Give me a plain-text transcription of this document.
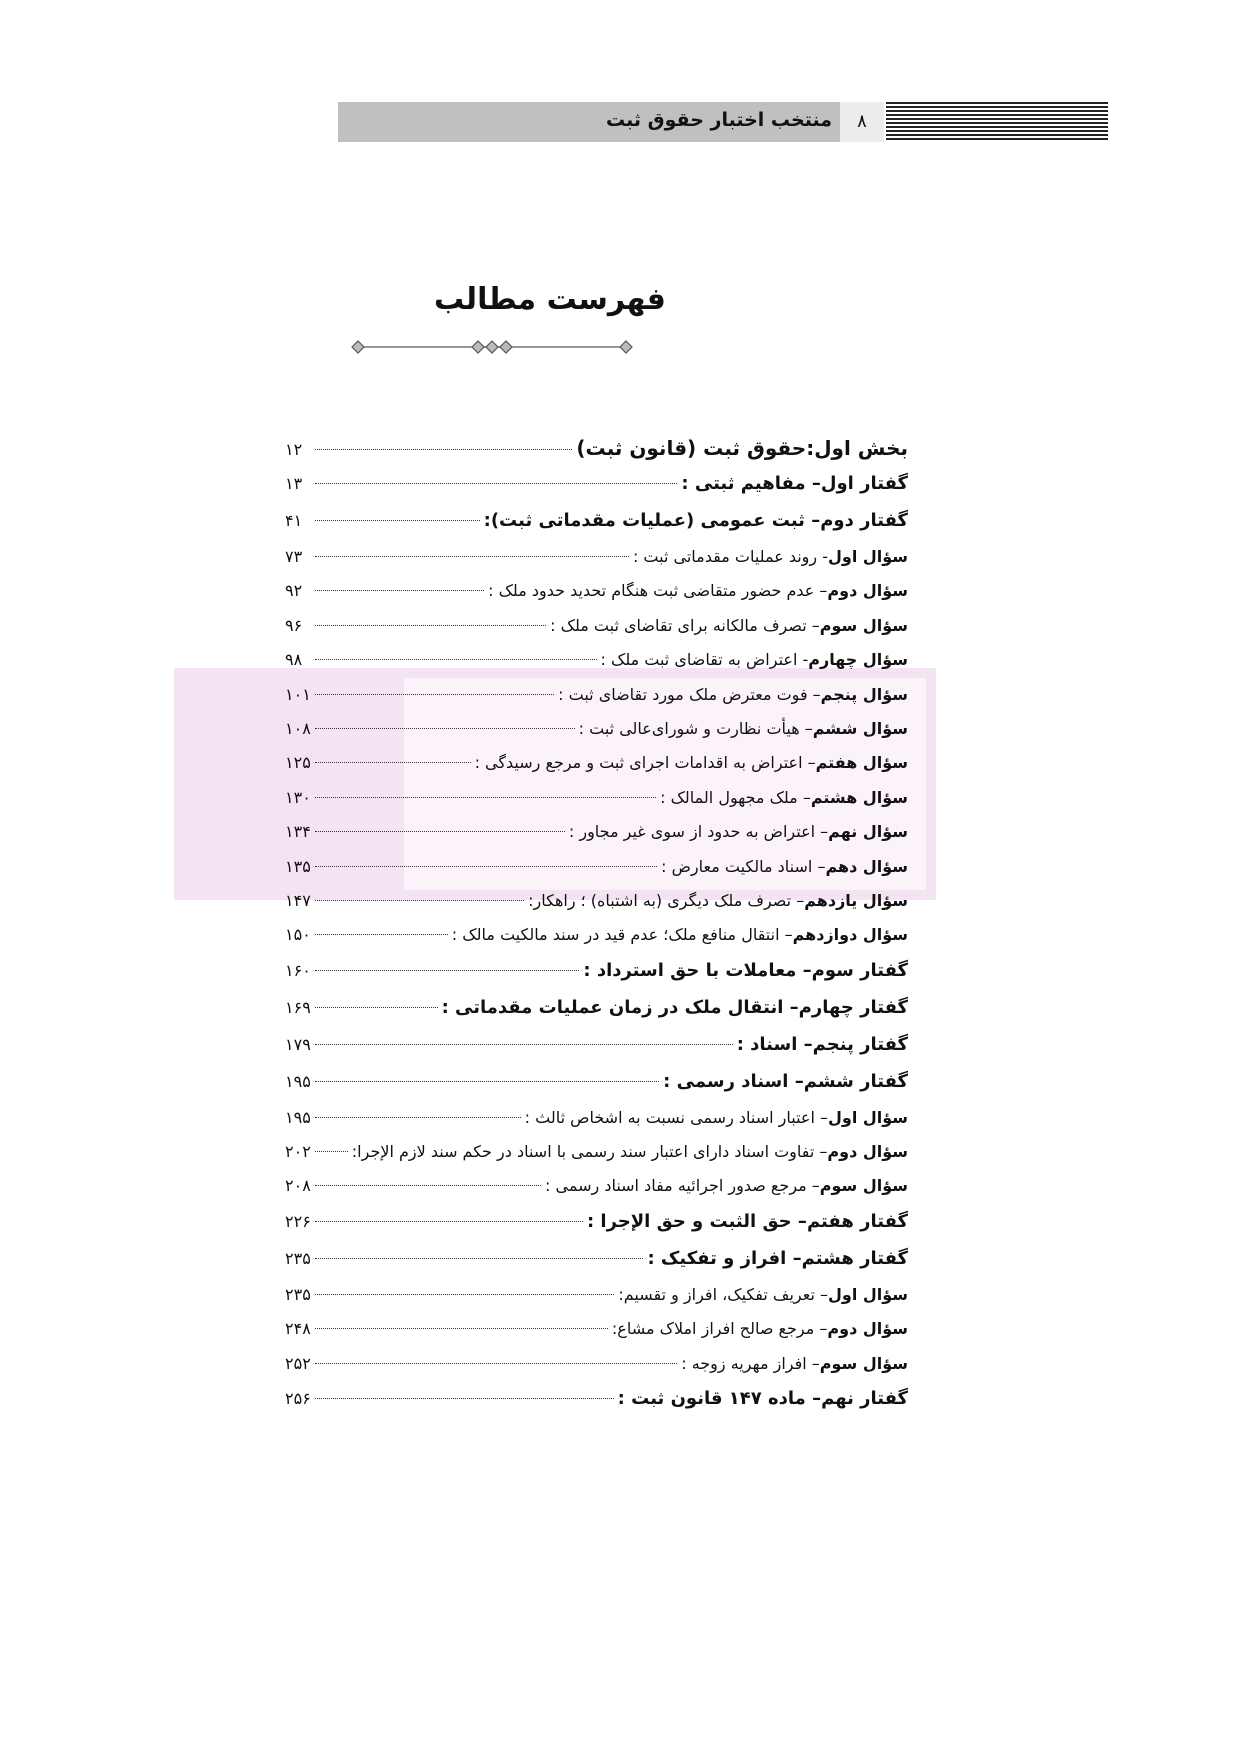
منتخب اختبار حقوق ثبت	۸
فهرست مطالب
بخش اول:
حقوق ثبت (قانون ثبت)
۱۲
گفتار اول
– مفاهیم ثبتی :
۱۳
گفتار دوم
– ثبت عمومی (عملیات مقدماتی ثبت):
۴۱
سؤال اول
- روند عملیات مقدماتی ثبت :
۷۳
سؤال دوم
– عدم حضور متقاضی ثبت هنگام تحدید حدود ملک :
۹۲
سؤال سوم
– تصرف مالکانه برای تقاضای ثبت ملک :
۹۶
سؤال چهارم
- اعتراض به تقاضای ثبت ملک :
۹۸
سؤال پنجم
– فوت معترض ملک مورد تقاضای ثبت :
۱۰۱
سؤال ششم
– هیأت نظارت و شورای‌عالی ثبت :
۱۰۸
سؤال هفتم
– اعتراض به اقدامات اجرای ثبت و مرجع رسیدگی :
۱۲۵
سؤال هشتم
– ملک مجهول المالک :
۱۳۰
سؤال نهم
– اعتراض به حدود از سوی غیر مجاور :
۱۳۴
سؤال دهم
– اسناد مالکیت معارض :
۱۳۵
سؤال یازدهم
– تصرف ملک دیگری (به اشتباه) ؛ راهکار:
۱۴۷
سؤال دوازدهم
– انتقال منافع ملک؛ عدم قید در سند مالکیت مالک :
۱۵۰
گفتار سوم
– معاملات با حق استرداد :
۱۶۰
گفتار چهارم
– انتقال ملک در زمان عملیات مقدماتی :
۱۶۹
گفتار پنجم
– اسناد :
۱۷۹
گفتار ششم
– اسناد رسمی :
۱۹۵
سؤال اول
– اعتبار اسناد رسمی نسبت به اشخاص ثالث :
۱۹۵
سؤال دوم
– تفاوت اسناد دارای اعتبار سند رسمی با اسناد در حکم سند لازم الإجرا:
۲۰۲
سؤال سوم
– مرجع صدور اجرائیه مفاد اسناد رسمی :
۲۰۸
گفتار هفتم
– حق الثبت و حق الإجرا :
۲۲۶
گفتار هشتم
– افراز و تفکیک :
۲۳۵
سؤال اول
– تعریف تفکیک، افراز و تقسیم:
۲۳۵
سؤال دوم
– مرجع صالح افراز املاک مشاع:
۲۴۸
سؤال سوم
– افراز مهریه زوجه :
۲۵۲
گفتار نهم
– ماده ۱۴۷ قانون ثبت :
۲۵۶
